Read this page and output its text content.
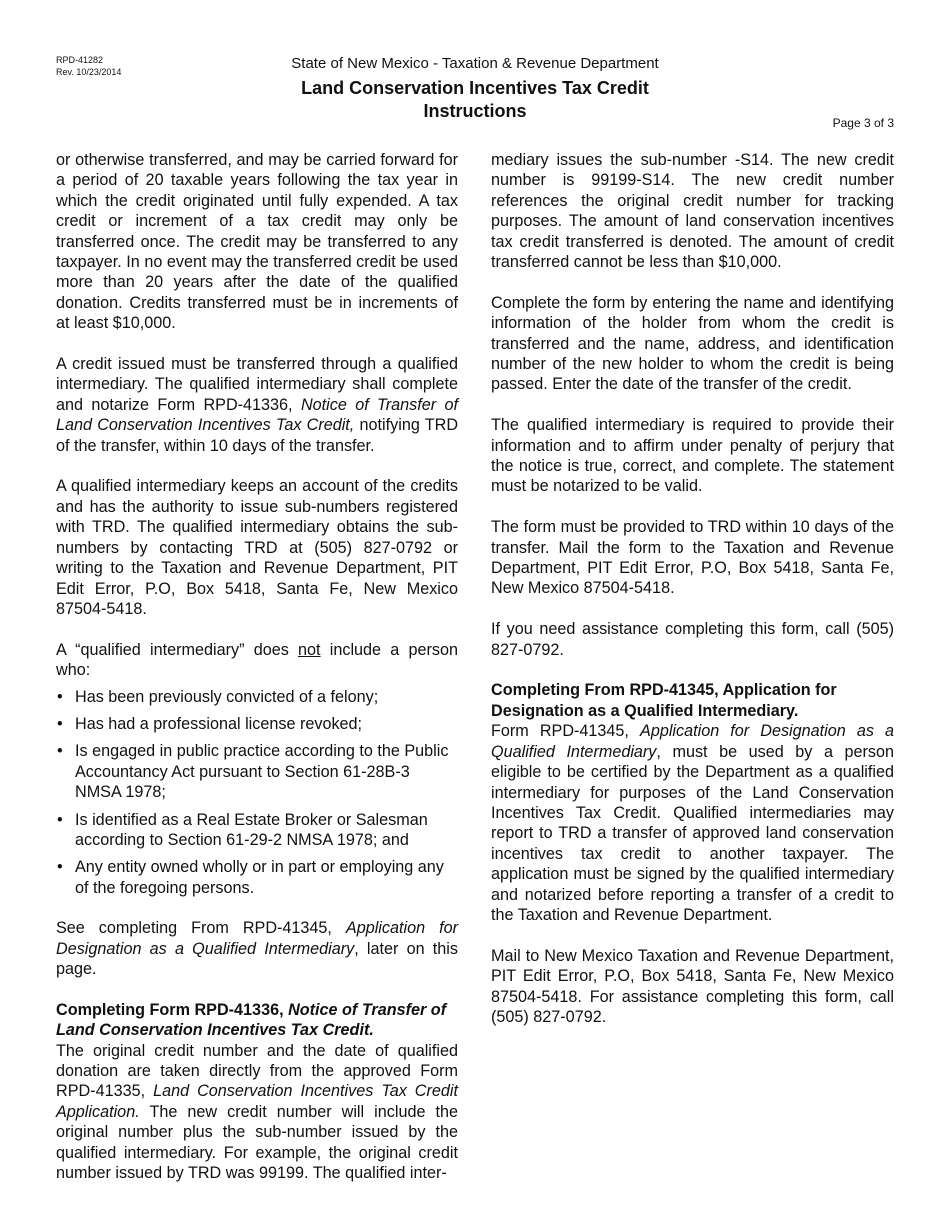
RPD-41282
Rev. 10/23/2014	State of New Mexico - Taxation & Revenue Department
Land Conservation Incentives Tax Credit
Instructions
Page 3 of 3

or otherwise transferred, and may be carried forward for a period of 20 taxable years following the tax year in which the credit originated until fully expended. A tax credit or increment of a tax credit may only be transferred once. The credit may be transferred to any taxpayer. In no event may the transferred credit be used more than 20 years after the date of the qualified donation. Credits transferred must be in increments of at least $10,000.

A credit issued must be transferred through a qualified intermediary. The qualified intermediary shall complete and notarize Form RPD-41336, Notice of Transfer of Land Conservation Incentives Tax Credit, notifying TRD of the transfer, within 10 days of the transfer.

A qualified intermediary keeps an account of the credits and has the authority to issue sub-numbers registered with TRD. The qualified intermediary obtains the sub-numbers by contacting TRD at (505) 827-0792 or writing to the Taxation and Revenue Department, PIT Edit Error, P.O, Box 5418, Santa Fe, New Mexico 87504-5418.

A “qualified intermediary” does not include a person who:

• Has been previously convicted of a felony;
• Has had a professional license revoked;
• Is engaged in public practice according to the Public Accountancy Act pursuant to Section 61-28B-3 NMSA 1978;
• Is identified as a Real Estate Broker or Salesman according to Section 61-29-2 NMSA 1978; and
• Any entity owned wholly or in part or employing any of the foregoing persons.

See completing From RPD-41345, Application for Designation as a Qualified Intermediary, later on this page.

Completing Form RPD-41336, Notice of Transfer of Land Conservation Incentives Tax Credit.

The original credit number and the date of qualified donation are taken directly from the approved Form RPD-41335, Land Conservation Incentives Tax Credit Application. The new credit number will include the original number plus the sub-number issued by the qualified intermediary. For example, the original credit number issued by TRD was 99199. The qualified inter-

mediary issues the sub-number -S14. The new credit number is 99199-S14. The new credit number references the original credit number for tracking purposes. The amount of land conservation incentives tax credit transferred is denoted. The amount of credit transferred cannot be less than $10,000.

Complete the form by entering the name and identifying information of the holder from whom the credit is transferred and the name, address, and identification number of the new holder to whom the credit is being passed. Enter the date of the transfer of the credit.

The qualified intermediary is required to provide their information and to affirm under penalty of perjury that the notice is true, correct, and complete. The statement must be notarized to be valid.

The form must be provided to TRD within 10 days of the transfer. Mail the form to the Taxation and Revenue Department, PIT Edit Error, P.O, Box 5418, Santa Fe, New Mexico 87504-5418.

If you need assistance completing this form, call (505) 827-0792.

Completing From RPD-41345, Application for Designation as a Qualified Intermediary.

Form RPD-41345, Application for Designation as a Qualified Intermediary, must be used by a person eligible to be certified by the Department as a qualified intermediary for purposes of the Land Conservation Incentives Tax Credit. Qualified intermediaries may report to TRD a transfer of approved land conservation incentives tax credit to another taxpayer. The application must be signed by the qualified intermediary and notarized before reporting a transfer of a credit to the Taxation and Revenue Department.

Mail to New Mexico Taxation and Revenue Department, PIT Edit Error, P.O, Box 5418, Santa Fe, New Mexico 87504-5418. For assistance completing this form, call (505) 827-0792.
